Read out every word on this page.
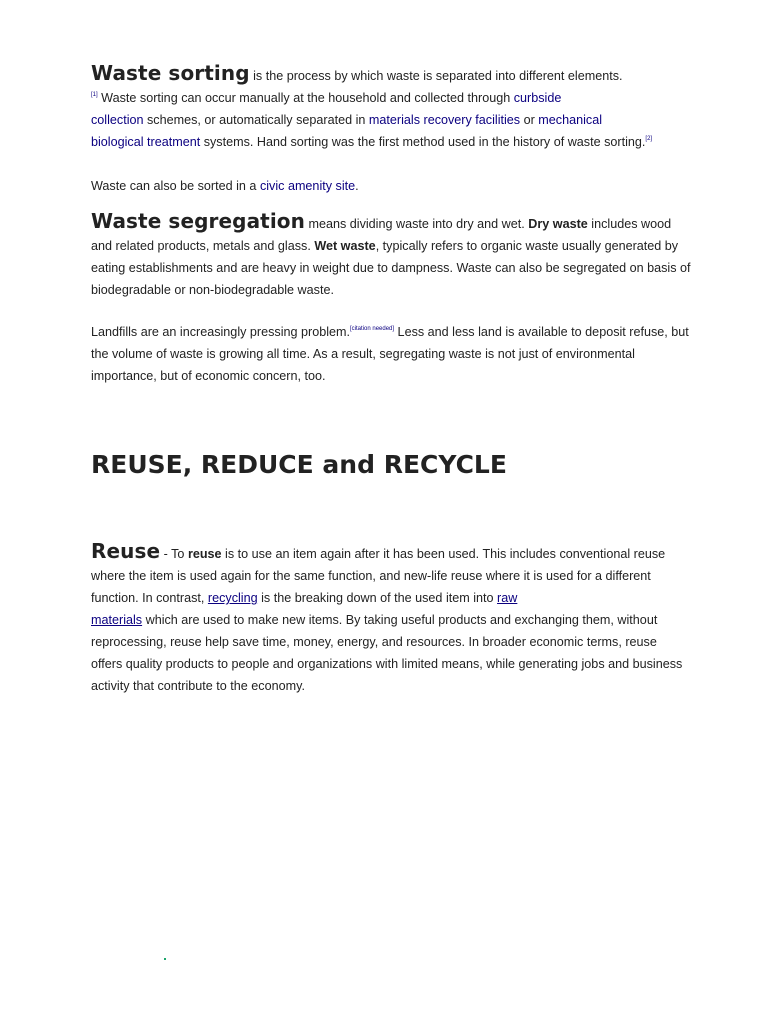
Waste sorting is the process by which waste is separated into different elements.
[1] Waste sorting can occur manually at the household and collected through curbside
collection schemes, or automatically separated in materials recovery facilities or mechanical
biological treatment systems. Hand sorting was the first method used in the history of waste sorting.[2]
Waste can also be sorted in a civic amenity site.
Waste segregation means dividing waste into dry and wet. Dry waste includes wood and related products, metals and glass. Wet waste, typically refers to organic waste usually generated by eating establishments and are heavy in weight due to dampness. Waste can also be segregated on basis of biodegradable or non-biodegradable waste.
Landfills are an increasingly pressing problem.[citation needed] Less and less land is available to deposit refuse, but the volume of waste is growing all time. As a result, segregating waste is not just of environmental importance, but of economic concern, too.
REUSE, REDUCE and RECYCLE
Reuse - To reuse is to use an item again after it has been used. This includes conventional reuse where the item is used again for the same function, and new-life reuse where it is used for a different function. In contrast, recycling is the breaking down of the used item into raw
materials which are used to make new items. By taking useful products and exchanging them, without reprocessing, reuse help save time, money, energy, and resources. In broader economic terms, reuse offers quality products to people and organizations with limited means, while generating jobs and business activity that contribute to the economy.
